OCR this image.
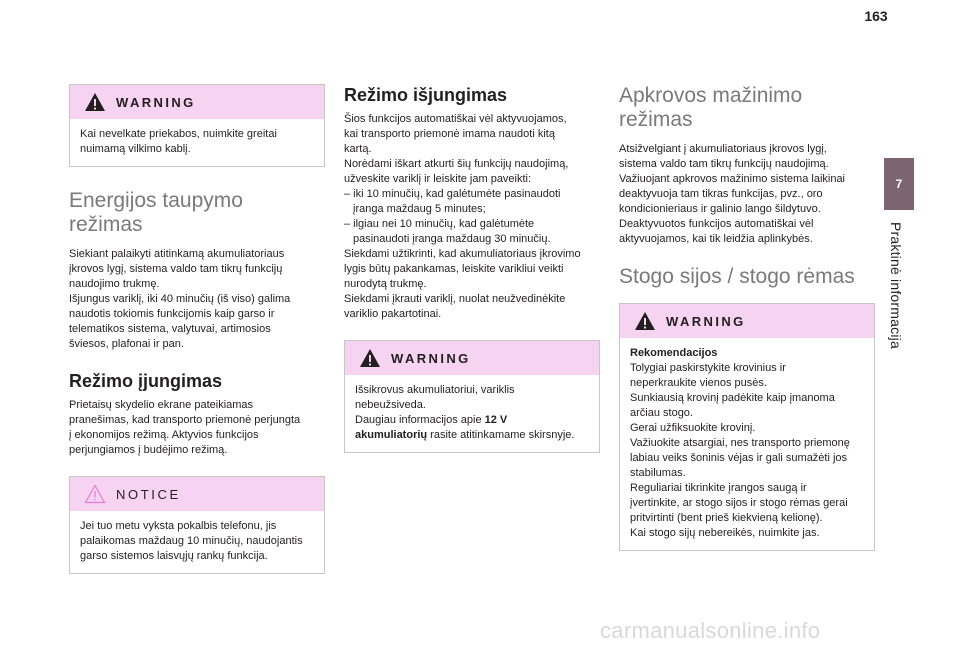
163
7
Praktinė informacija
WARNING
Kai nevelkate priekabos, nuimkite greitai
nuimamą vilkimo kablį.
Energijos taupymo
režimas
Siekiant palaikyti atitinkamą akumuliatoriaus
įkrovos lygį, sistema valdo tam tikrų funkcijų
naudojimo trukmę.
Išjungus variklį, iki 40 minučių (iš viso) galima
naudotis tokiomis funkcijomis kaip garso ir
telematikos sistema, valytuvai, artimosios
šviesos, plafonai ir pan.
Režimo įjungimas
Prietaisų skydelio ekrane pateikiamas
pranešimas, kad transporto priemonė perjungta
į ekonomijos režimą. Aktyvios funkcijos
perjungiamos į budėjimo režimą.
NOTICE
Jei tuo metu vyksta pokalbis telefonu, jis
palaikomas maždaug 10 minučių, naudojantis
garso sistemos laisvųjų rankų funkcija.
Režimo išjungimas
Šios funkcijos automatiškai vėl aktyvuojamos,
kai transporto priemonė imama naudoti kitą
kartą.
Norėdami iškart atkurti šių funkcijų naudojimą,
užveskite variklį ir leiskite jam paveikti:
– iki 10 minučių, kad galėtumėte pasinaudoti
įranga maždaug 5 minutes;
– ilgiau nei 10 minučių, kad galėtumėte
pasinaudoti įranga maždaug 30 minučių.
Siekdami užtikrinti, kad akumuliatoriaus įkrovimo
lygis būtų pakankamas, leiskite varikliui veikti
nurodytą trukmę.
Siekdami įkrauti variklį, nuolat neužvedinėkite
variklio pakartotinai.
WARNING
Išsikrovus akumuliatoriui, variklis
nebeužsiveda.
Daugiau informacijos apie 12 V
akumuliatorių rasite atitinkamame skirsnyje.
Apkrovos mažinimo
režimas
Atsižvelgiant į akumuliatoriaus įkrovos lygį,
sistema valdo tam tikrų funkcijų naudojimą.
Važiuojant apkrovos mažinimo sistema laikinai
deaktyvuoja tam tikras funkcijas, pvz., oro
kondicionieriaus ir galinio lango šildytuvo.
Deaktyvuotos funkcijos automatiškai vėl
aktyvuojamos, kai tik leidžia aplinkybės.
Stogo sijos / stogo rėmas
WARNING
Rekomendacijos
Tolygiai paskirstykite krovinius ir
neperkraukite vienos pusės.
Sunkiausią krovinį padėkite kaip įmanoma
arčiau stogo.
Gerai užfiksuokite krovinį.
Važiuokite atsargiai, nes transporto priemonę
labiau veiks šoninis vėjas ir gali sumažėti jos
stabilumas.
Reguliariai tikrinkite įrangos saugą ir
įvertinkite, ar stogo sijos ir stogo rėmas gerai
pritvirtinti (bent prieš kiekvieną kelionę).
Kai stogo sijų nebereikės, nuimkite jas.
carmanualsonline.info
